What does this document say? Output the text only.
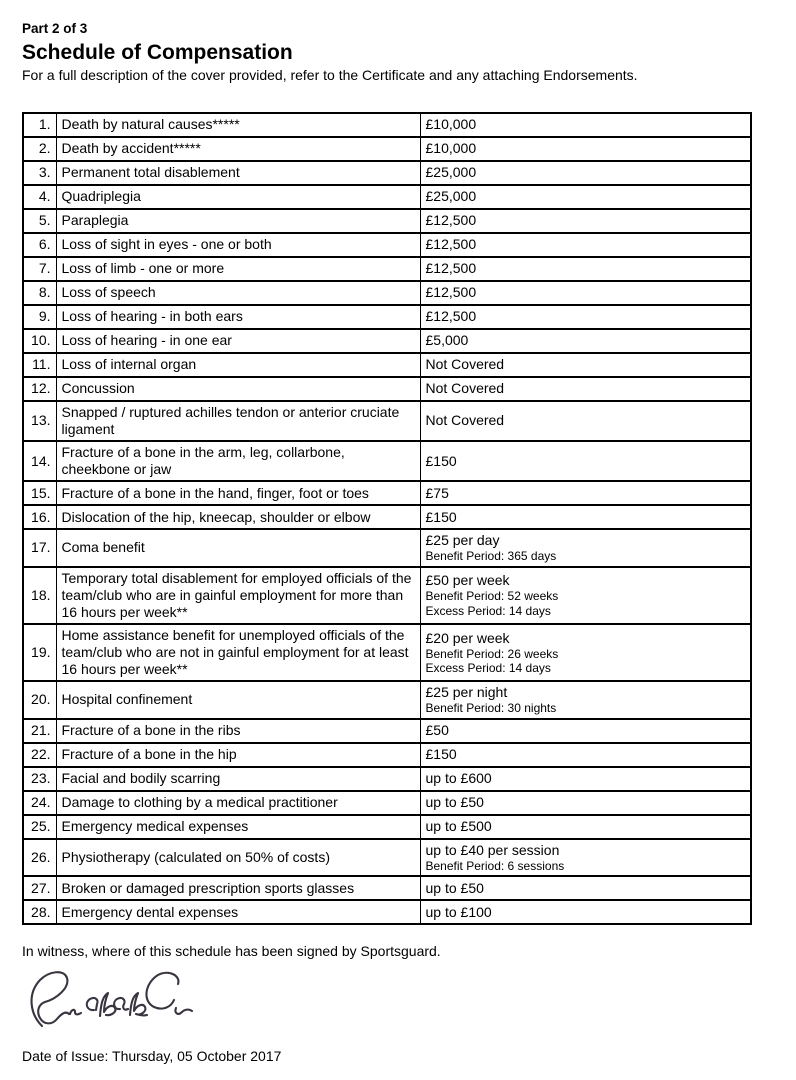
Part 2 of 3
Schedule of Compensation
For a full description of the cover provided, refer to the Certificate and any attaching Endorsements.
1.	Death by natural causes*****	£10,000

2.	Death by accident*****	£10,000

3.	Permanent total disablement	£25,000

4.	Quadriplegia	£25,000

5.	Paraplegia	£12,500

6.	Loss of sight in eyes - one or both	£12,500

7.	Loss of limb - one or more	£12,500

8.	Loss of speech	£12,500

9.	Loss of hearing - in both ears	£12,500

10.	Loss of hearing - in one ear	£5,000

11.	Loss of internal organ	Not Covered

12.	Concussion	Not Covered

13.	Snapped / ruptured achilles tendon or anterior cruciate ligament	Not Covered

14.	Fracture of a bone in the arm, leg, collarbone, cheekbone or jaw	£150

15.	Fracture of a bone in the hand, finger, foot or toes	£75

16.	Dislocation of the hip, kneecap, shoulder or elbow	£150

17.	Coma benefit	£25 per day
Benefit Period: 365 days

18.	Temporary total disablement for employed officials of the team/club who are in gainful employment for more than 16 hours per week**	£50 per week
Benefit Period: 52 weeks
Excess Period: 14 days

19.	Home assistance benefit for unemployed officials of the team/club who are not in gainful employment for at least 16 hours per week**	£20 per week
Benefit Period: 26 weeks
Excess Period: 14 days

20.	Hospital confinement	£25 per night
Benefit Period: 30 nights

21.	Fracture of a bone in the ribs	£50

22.	Fracture of a bone in the hip	£150

23.	Facial and bodily scarring	up to £600

24.	Damage to clothing by a medical practitioner	up to £50

25.	Emergency medical expenses	up to £500

26.	Physiotherapy (calculated on 50% of costs)	up to £40 per session
Benefit Period: 6 sessions

27.	Broken or damaged prescription sports glasses	up to £50

28.	Emergency dental expenses	up to £100
In witness, where of this schedule has been signed by Sportsguard.
Date of Issue: Thursday, 05 October 2017
